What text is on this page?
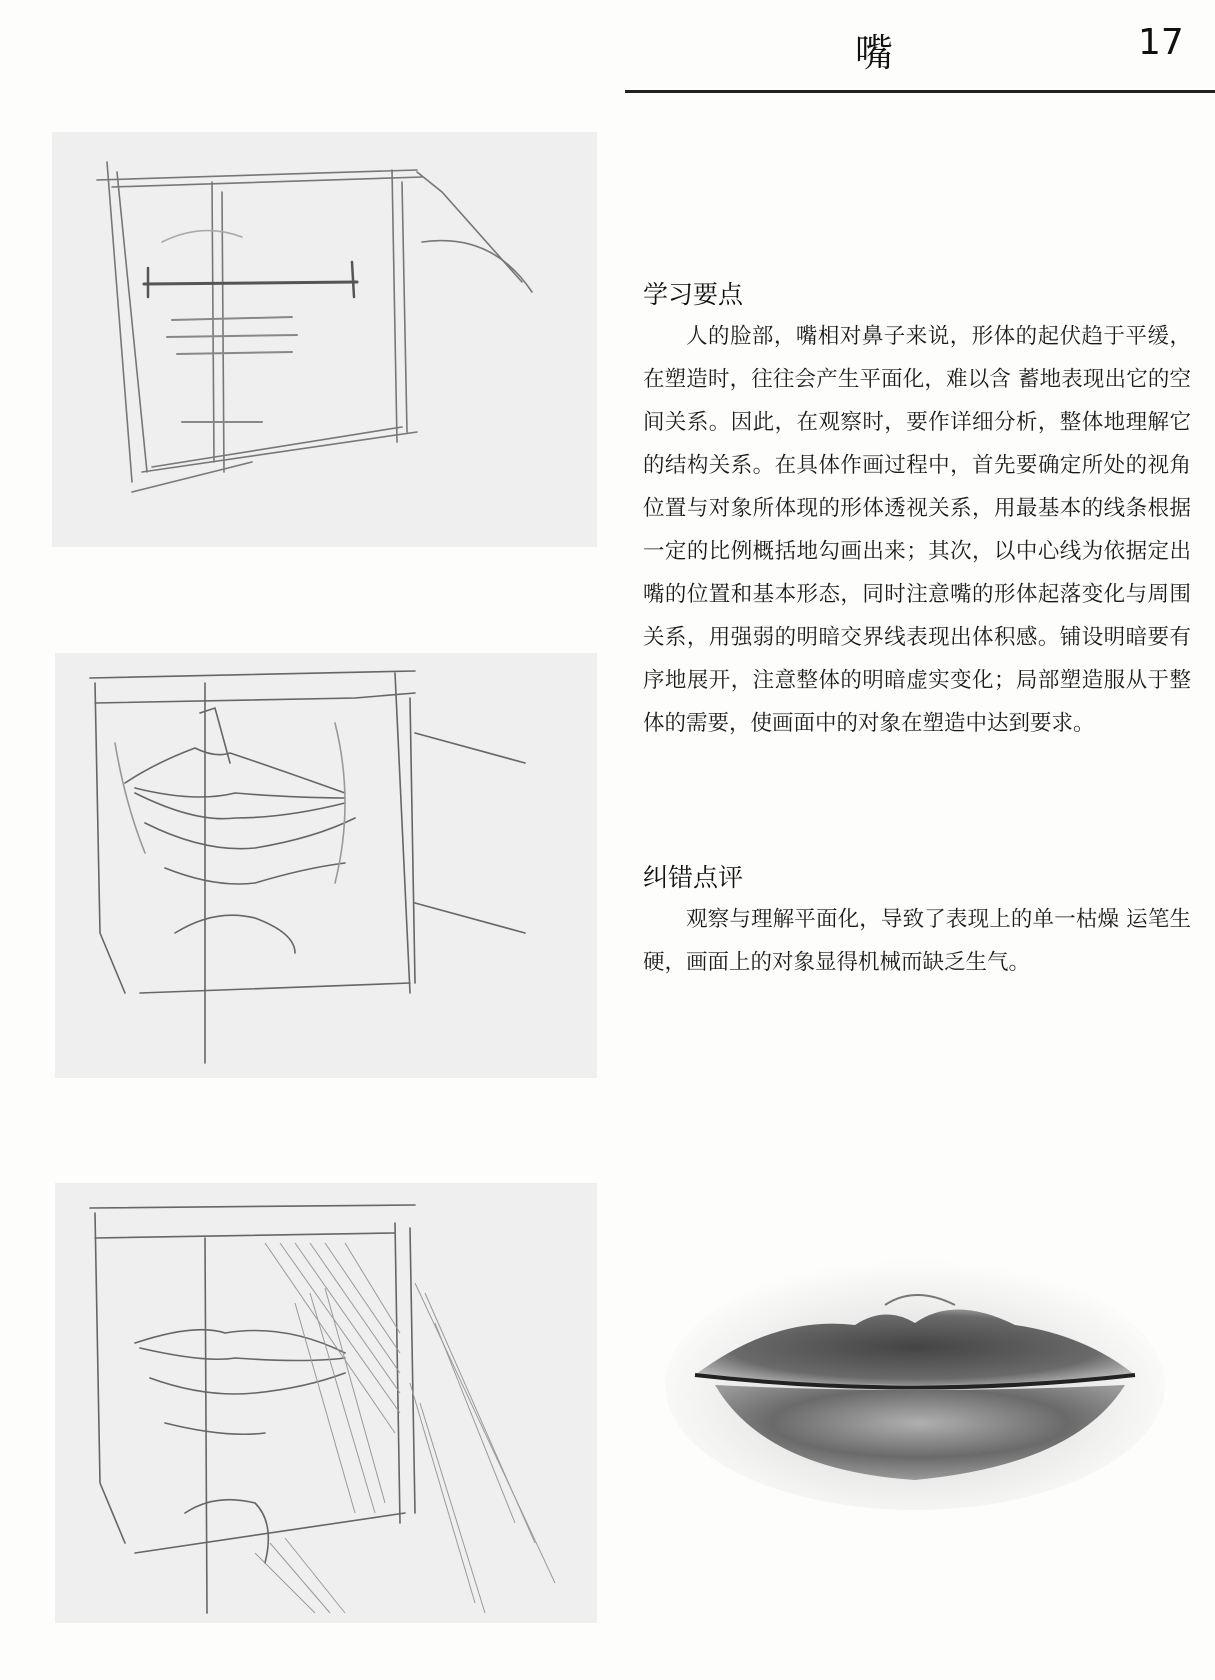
嘴	17
学习要点

人的脸部，嘴相对鼻子来说，形体的起伏趋于平缓，在塑造时，往往会产生平面化，难以含 蓄地表现出它的空间关系。因此，在观察时，要作详细分析，整体地理解它的结构关系。在具体作画过程中，首先要确定所处的视角位置与对象所体现的形体透视关系，用最基本的线条根据一定的比例概括地勾画出来；其次，以中心线为依据定出嘴的位置和基本形态，同时注意嘴的形体起落变化与周围关系，用强弱的明暗交界线表现出体积感。铺设明暗要有序地展开，注意整体的明暗虚实变化；局部塑造服从于整体的需要，使画面中的对象在塑造中达到要求。

纠错点评

观察与理解平面化，导致了表现上的单一枯燥 运笔生硬，画面上的对象显得机械而缺乏生气。
